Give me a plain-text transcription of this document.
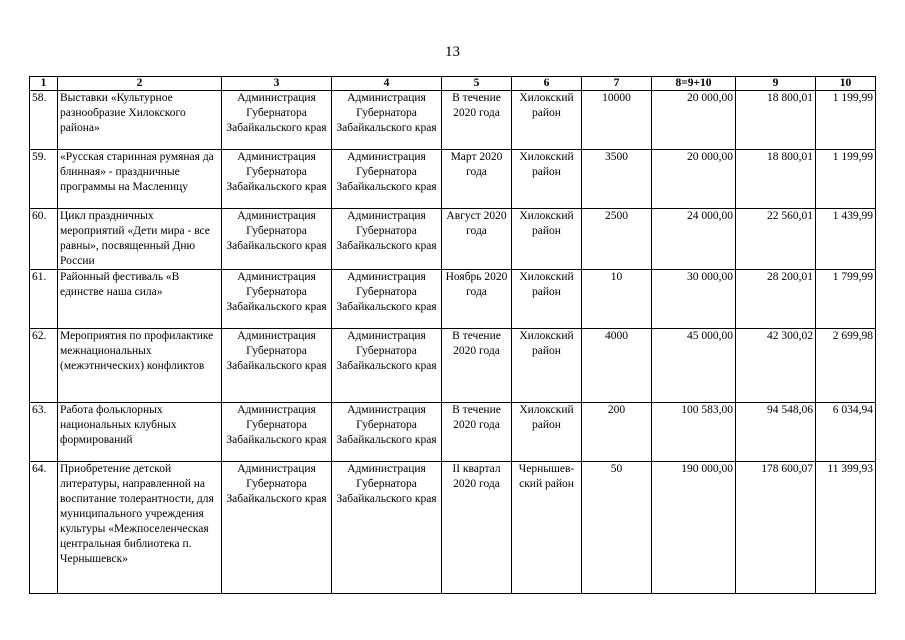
13
1	2	3	4	5	6	7	8=9+10	9	10
58.	Выставки «Культурное разнообразие Хилокского района»	Администрация Губернатора Забайкальского края	Администрация Губернатора Забайкальского края	В течение 2020 года	Хилокский район	10000	20 000,00	18 800,01	1 199,99
59.	«Русская старинная румяная да блинная» - праздничные программы на Масленицу	Администрация Губернатора Забайкальского края	Администрация Губернатора Забайкальского края	Март 2020 года	Хилокский район	3500	20 000,00	18 800,01	1 199,99
60.	Цикл праздничных мероприятий «Дети мира - все равны», посвященный Дню России	Администрация Губернатора Забайкальского края	Администрация Губернатора Забайкальского края	Август 2020 года	Хилокский район	2500	24 000,00	22 560,01	1 439,99
61.	Районный фестиваль «В единстве наша сила»	Администрация Губернатора Забайкальского края	Администрация Губернатора Забайкальского края	Ноябрь 2020 года	Хилокский район	10	30 000,00	28 200,01	1 799,99
62.	Мероприятия по профилактике межнациональных (межэтнических) конфликтов	Администрация Губернатора Забайкальского края	Администрация Губернатора Забайкальского края	В течение 2020 года	Хилокский район	4000	45 000,00	42 300,02	2 699,98
63.	Работа фольклорных национальных клубных формирований	Администрация Губернатора Забайкальского края	Администрация Губернатора Забайкальского края	В течение 2020 года	Хилокский район	200	100 583,00	94 548,06	6 034,94
64.	Приобретение детской литературы, направленной на воспитание толерантности, для муниципального учреждения культуры «Межпоселенческая центральная библиотека п. Чернышевск»	Администрация Губернатора Забайкальского края	Администрация Губернатора Забайкальского края	II квартал 2020 года	Чернышев-ский район	50	190 000,00	178 600,07	11 399,93
